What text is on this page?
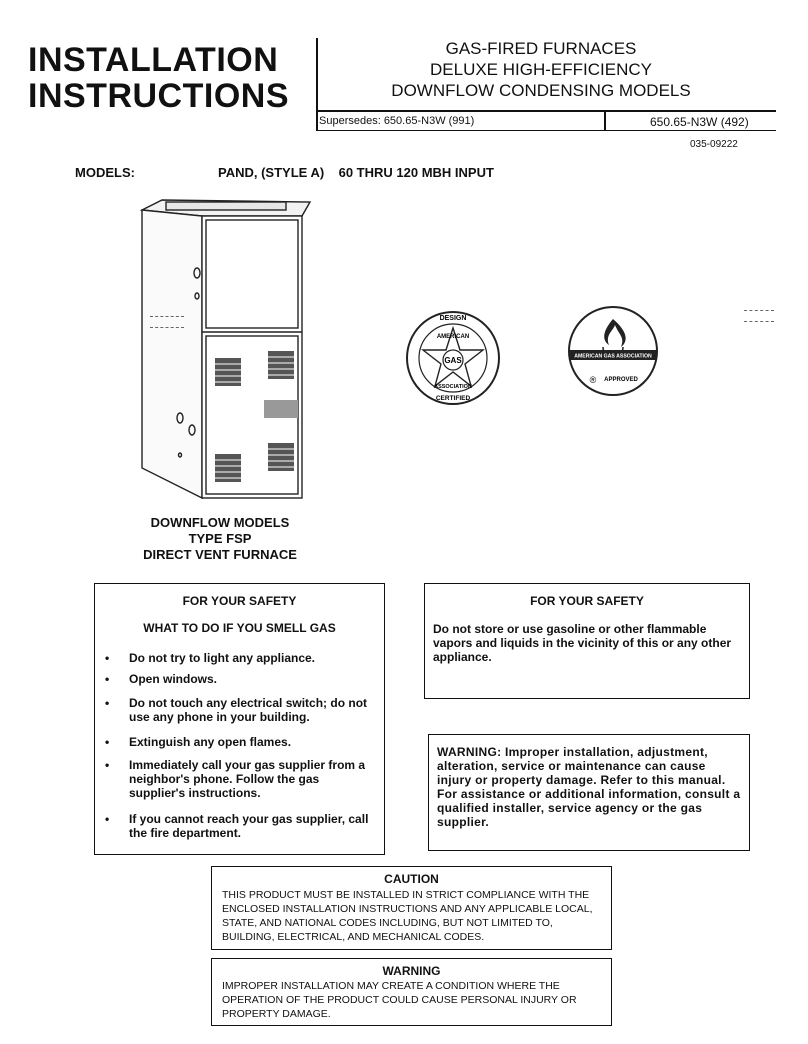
INSTALLATION
INSTRUCTIONS
GAS-FIRED FURNACES
DELUXE HIGH-EFFICIENCY
DOWNFLOW CONDENSING MODELS
Supersedes: 650.65-N3W (991)	650.65-N3W (492)
035-09222
MODELS:	PAND, (STYLE A)    60 THRU 120 MBH INPUT
GAS
DESIGN
AMERICAN
ASSOCIATION
CERTIFIED
AMERICAN GAS ASSOCIATION
APPROVED
®
DOWNFLOW MODELS
TYPE FSP
DIRECT VENT FURNACE
FOR YOUR SAFETY
WHAT TO DO IF YOU SMELL GAS
• Do not try to light any appliance.
• Open windows.
• Do not touch any electrical switch; do not use any phone in your building.
• Extinguish any open flames.
• Immediately call your gas supplier from a neighbor's phone. Follow the gas supplier's instructions.
• If you cannot reach your gas supplier, call the fire department.
FOR YOUR SAFETY
Do not store or use gasoline or other flammable vapors and liquids in the vicinity of this or any other appliance.
WARNING: Improper installation, adjustment, alteration, service or maintenance can cause injury or property damage. Refer to this manual. For assistance or additional information, consult a qualified installer, service agency or the gas supplier.
CAUTION
THIS PRODUCT MUST BE INSTALLED IN STRICT COMPLIANCE WITH THE ENCLOSED INSTALLATION INSTRUCTIONS AND ANY APPLICABLE LOCAL, STATE, AND NATIONAL CODES INCLUDING, BUT NOT LIMITED TO, BUILDING, ELECTRICAL, AND MECHANICAL CODES.
WARNING
IMPROPER INSTALLATION MAY CREATE A CONDITION WHERE THE OPERATION OF THE PRODUCT COULD CAUSE PERSONAL INJURY OR PROPERTY DAMAGE.
